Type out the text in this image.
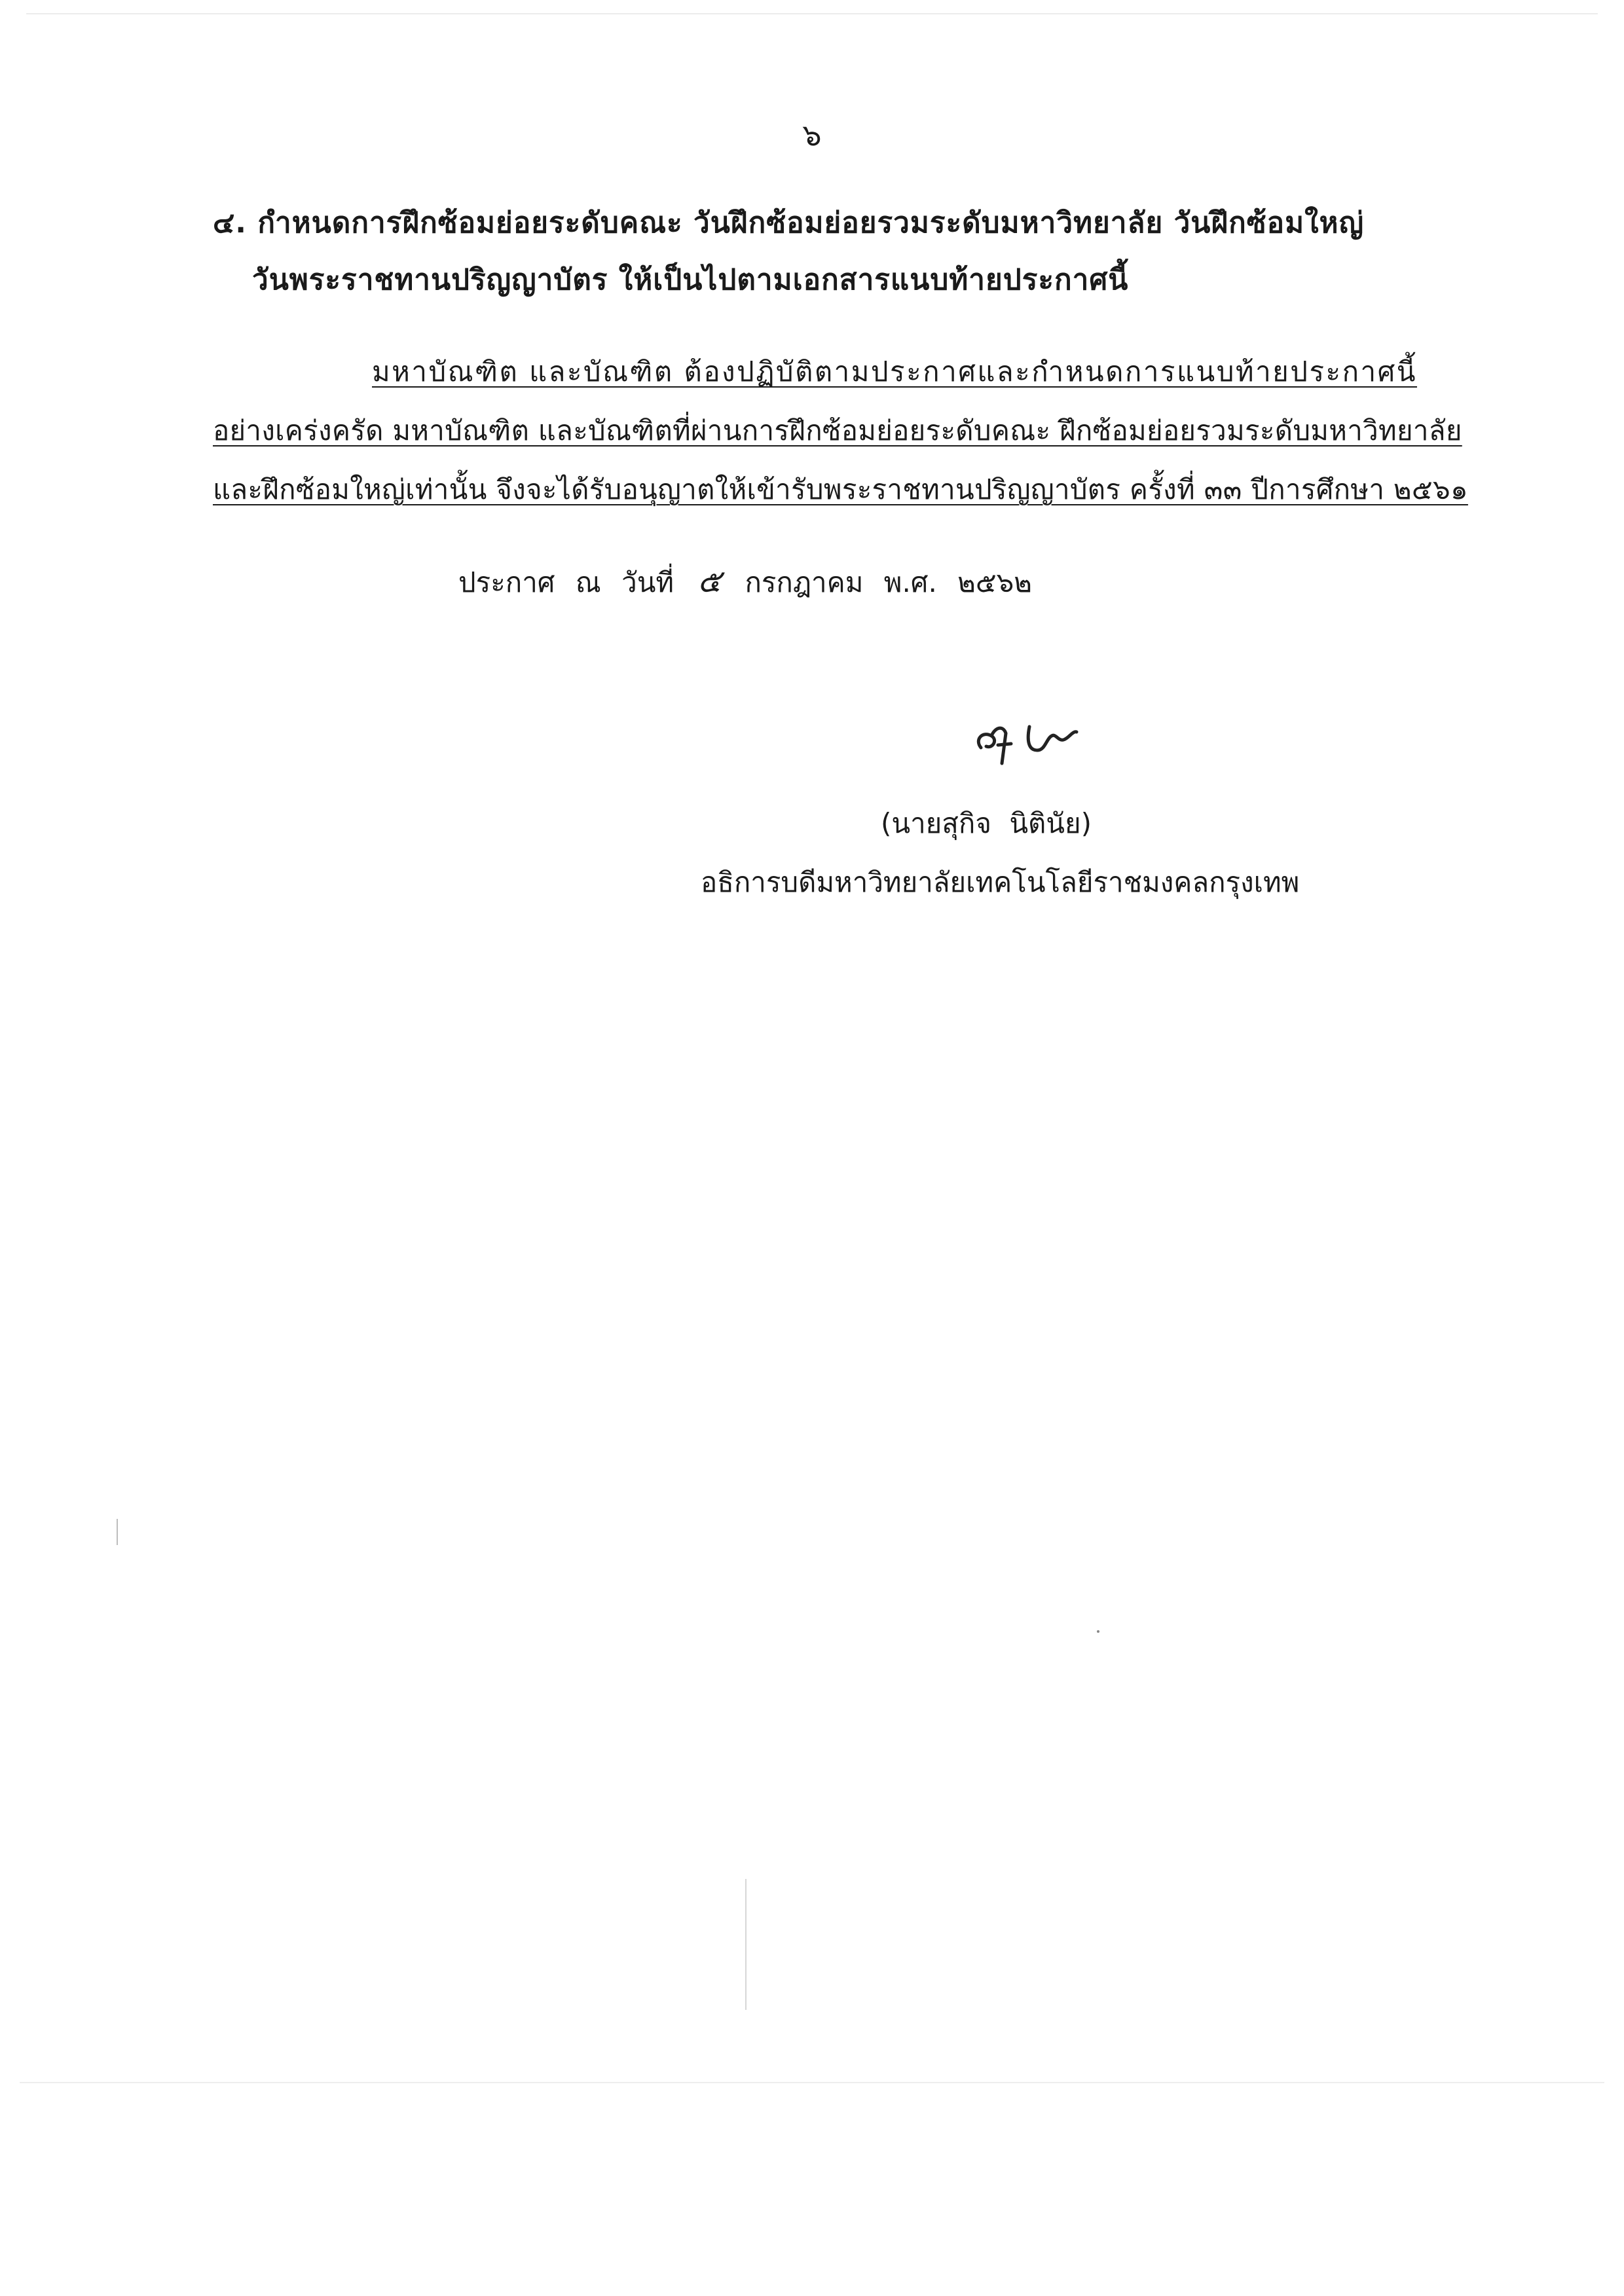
๖
๔. กำหนดการฝึกซ้อมย่อยระดับคณะ วันฝึกซ้อมย่อยรวมระดับมหาวิทยาลัย วันฝึกซ้อมใหญ่
วันพระราชทานปริญญาบัตร ให้เป็นไปตามเอกสารแนบท้ายประกาศนี้
มหาบัณฑิต และบัณฑิต ต้องปฏิบัติตามประกาศและกำหนดการแนบท้ายประกาศนี้
อย่างเคร่งครัด มหาบัณฑิต และบัณฑิตที่ผ่านการฝึกซ้อมย่อยระดับคณะ ฝึกซ้อมย่อยรวมระดับมหาวิทยาลัย
และฝึกซ้อมใหญ่เท่านั้น จึงจะได้รับอนุญาตให้เข้ารับพระราชทานปริญญาบัตร ครั้งที่ ๓๓ ปีการศึกษา ๒๕๖๑
ประกาศ ณ วันที่ ๕ กรกฎาคม พ.ศ. ๒๕๖๒
(นายสุกิจ นิตินัย)
อธิการบดีมหาวิทยาลัยเทคโนโลยีราชมงคลกรุงเทพ
